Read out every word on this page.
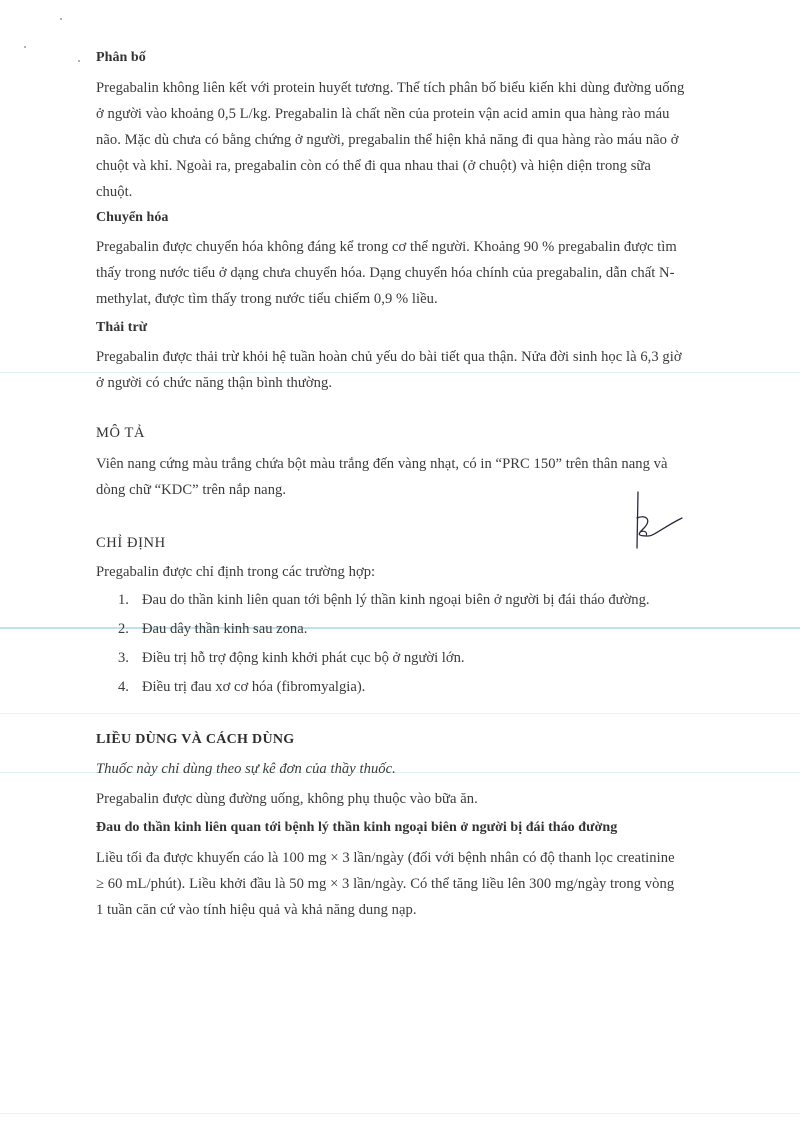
Phân bố
Pregabalin không liên kết với protein huyết tương. Thể tích phân bố biểu kiến khi dùng đường uống
ở người vào khoảng 0,5 L/kg. Pregabalin là chất nền của protein vận acid amin qua hàng rào máu
não. Mặc dù chưa có bằng chứng ở người, pregabalin thể hiện khả năng đi qua hàng rào máu não ở
chuột và khỉ. Ngoài ra, pregabalin còn có thể đi qua nhau thai (ở chuột) và hiện diện trong sữa
chuột.
Chuyển hóa
Pregabalin được chuyển hóa không đáng kể trong cơ thể người. Khoảng 90 % pregabalin được tìm
thấy trong nước tiểu ở dạng chưa chuyển hóa. Dạng chuyển hóa chính của pregabalin, dẫn chất N-
methylat, được tìm thấy trong nước tiểu chiếm 0,9 % liều.
Thải trừ
Pregabalin được thải trừ khỏi hệ tuần hoàn chủ yếu do bài tiết qua thận. Nửa đời sinh học là 6,3 giờ
ở người có chức năng thận bình thường.
MÔ TẢ
Viên nang cứng màu trắng chứa bột màu trắng đến vàng nhạt, có in “PRC 150” trên thân nang và
dòng chữ “KDC” trên nắp nang.
CHỈ ĐỊNH
Pregabalin được chỉ định trong các trường hợp:
1. Đau do thần kinh liên quan tới bệnh lý thần kinh ngoại biên ở người bị đái tháo đường.
2. Đau dây thần kinh sau zona.
3. Điều trị hỗ trợ động kinh khởi phát cục bộ ở người lớn.
4. Điều trị đau xơ cơ hóa (fibromyalgia).
LIỀU DÙNG VÀ CÁCH DÙNG
Thuốc này chỉ dùng theo sự kê đơn của thầy thuốc.
Pregabalin được dùng đường uống, không phụ thuộc vào bữa ăn.
Đau do thần kinh liên quan tới bệnh lý thần kinh ngoại biên ở người bị đái tháo đường
Liều tối đa được khuyến cáo là 100 mg × 3 lần/ngày (đối với bệnh nhân có độ thanh lọc creatinine
≥ 60 mL/phút). Liều khởi đầu là 50 mg × 3 lần/ngày. Có thể tăng liều lên 300 mg/ngày trong vòng
1 tuần căn cứ vào tính hiệu quả và khả năng dung nạp.
